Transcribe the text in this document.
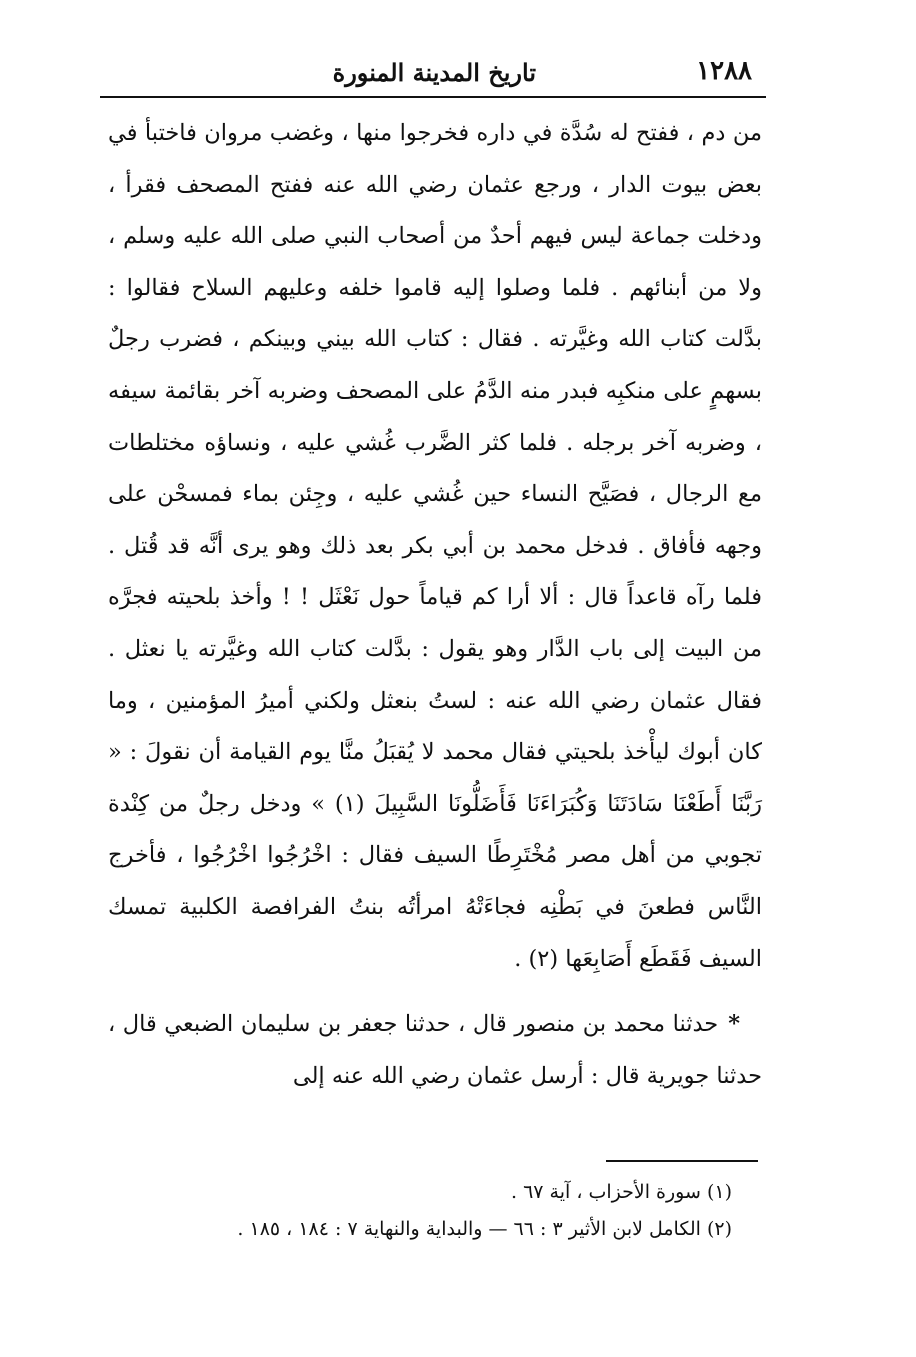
١٢٨٨
تاريخ المدينة المنورة

من دم ، ففتح له سُدَّة في داره فخرجوا منها ، وغضب مروان فاختبأ في بعض بيوت الدار ، ورجع عثمان رضي الله عنه ففتح المصحف فقرأ ، ودخلت جماعة ليس فيهم أحدٌ من أصحاب النبي صلى الله عليه وسلم ، ولا من أبنائهم . فلما وصلوا إليه قاموا خلفه وعليهم السلاح فقالوا : بدَّلت كتاب الله وغيَّرته . فقال : كتاب الله بيني وبينكم ، فضرب رجلٌ بسهمٍ على منكبِه فبدر منه الدَّمُ على المصحف وضربه آخر بقائمة سيفه ، وضربه آخر برجله . فلما كثر الضَّرب غُشي عليه ، ونساؤه مختلطات مع الرجال ، فصَيَّح النساء حين غُشي عليه ، وجِئن بماء فمسحْن على وجهه فأفاق . فدخل محمد بن أبي بكر بعد ذلك وهو يرى أنَّه قد قُتل . فلما رآه قاعداً قال : ألا أرا كم قياماً حول نَعْثَل ! ! وأخذ بلحيته فجرَّه من البيت إلى باب الدَّار وهو يقول : بدَّلت كتاب الله وغيَّرته يا نعثل . فقال عثمان رضي الله عنه : لستُ بنعثل ولكني أميرُ المؤمنين ، وما كان أبوك ليأْخذ بلحيتي فقال محمد لا يُقبَلُ منَّا يوم القيامة أن نقولَ : « رَبَّنَا أَطَعْنَا سَادَتَنَا وَكُبَرَاءَنَا فَأَضَلُّونَا السَّبِيلَ (١) » ودخل رجلٌ من كِنْدة تجوبي من أهل مصر مُخْتَرِطًا السيف فقال : اخْرُجُوا اخْرُجُوا ، فأخرج النَّاس فطعنَ في بَطْنِه فجاءَتْهُ امرأتُه بنتُ الفرافصة الكلبية تمسك السيف فَقَطَع أَصَابِعَها (٢) .

*حدثنا محمد بن منصور قال ، حدثنا جعفر بن سليمان الضبعي قال ، حدثنا جويرية قال : أرسل عثمان رضي الله عنه إلى

(١) سورة الأحزاب ، آية ٦٧ .

(٢) الكامل لابن الأثير ٣ : ٦٦ — والبداية والنهاية ٧ : ١٨٤ ، ١٨٥ .
